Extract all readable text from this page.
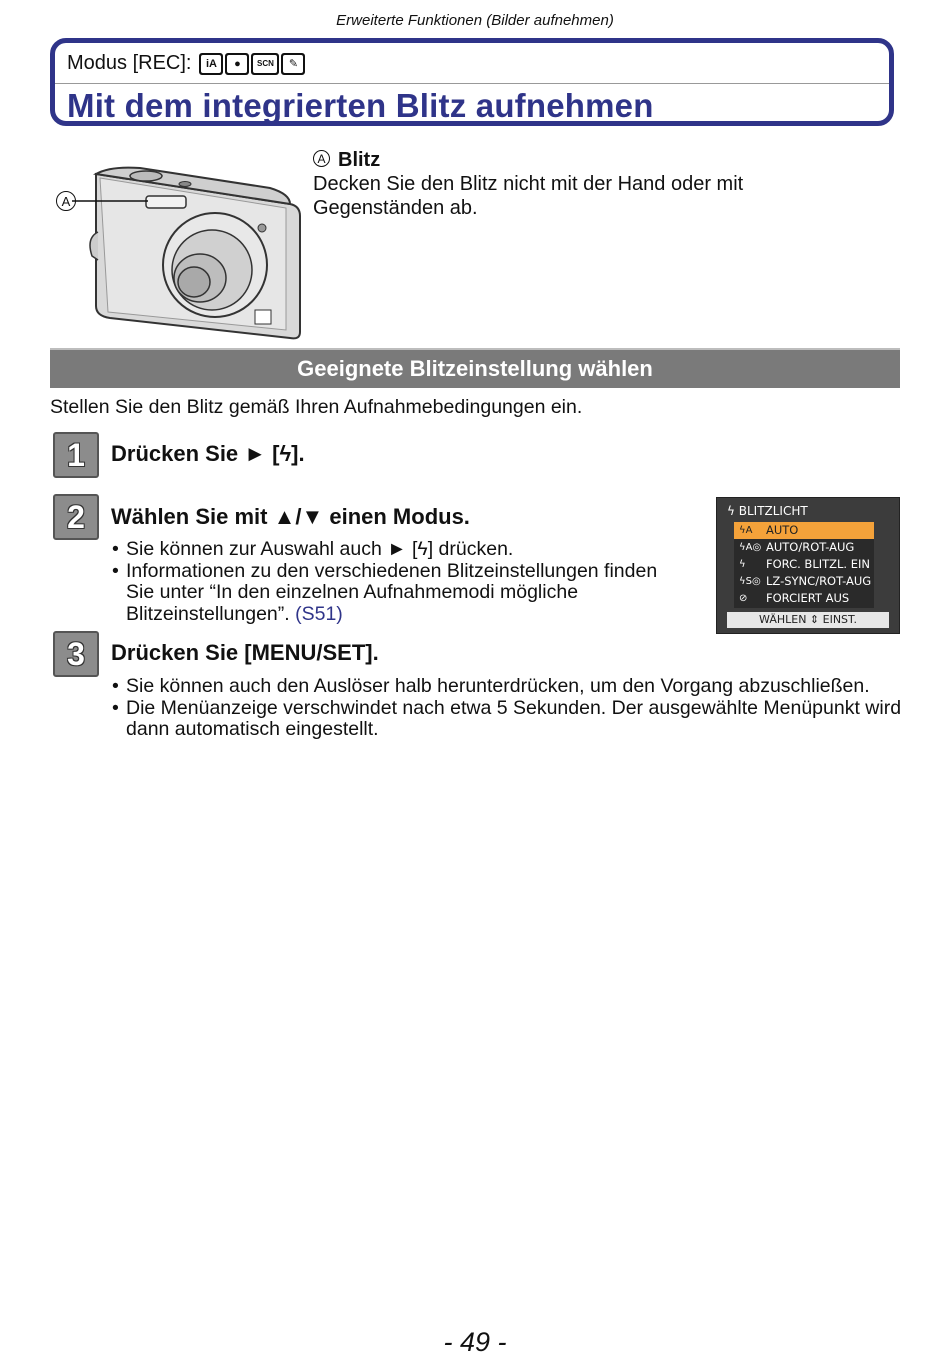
Erweiterte Funktionen (Bilder aufnehmen)
Modus [REC]:	iA	●	SCN	✎
Mit dem integrierten Blitz aufnehmen
A
A Blitz
Decken Sie den Blitz nicht mit der Hand oder mit Gegenständen ab.
Geeignete Blitzeinstellung wählen
Stellen Sie den Blitz gemäß Ihren Aufnahmebedingungen ein.
1	Drücken Sie ► [ϟ].
2	Wählen Sie mit ▲/▼ einen Modus.
• Sie können zur Auswahl auch ► [ϟ] drücken.
• Informationen zu den verschiedenen Blitzeinstellungen finden Sie unter “In den einzelnen Aufnahmemodi mögliche Blitzeinstellungen”. (S51)
ϟ BLITZLICHT
ϟA	AUTO
ϟA◎ AUTO/ROT-AUG
ϟ	FORC. BLITZL. EIN
ϟS◎ LZ-SYNC/ROT-AUG
⊘	FORCIERT AUS
WÄHLEN ⇕ EINST.
3	Drücken Sie [MENU/SET].
• Sie können auch den Auslöser halb herunterdrücken, um den Vorgang abzuschließen.
• Die Menüanzeige verschwindet nach etwa 5 Sekunden. Der ausgewählte Menüpunkt wird dann automatisch eingestellt.
- 49 -
